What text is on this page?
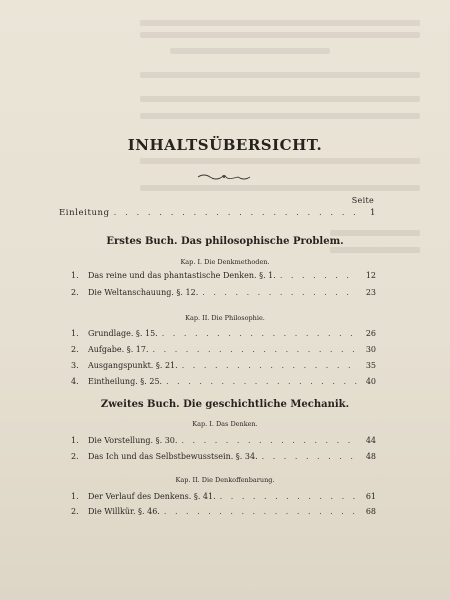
INHALTSÜBERSICHT.
Seite
Einleitung . . .	1
Erstes Buch. Das philosophische Problem.
Kap. I. Die Denkmethoden.
1.	Das reine und das phantastische Denken. §. 1. . . .	12
2.	Die Weltanschauung. §. 12. . . .	23
Kap. II. Die Philosophie.
1.	Grundlage. §. 15. . . .	26
2.	Aufgabe. §. 17. . . .	30
3.	Ausgangspunkt. §. 21. . . .	35
4.	Eintheilung. §. 25. . . .	40
Zweites Buch. Die geschichtliche Mechanik.
Kap. I. Das Denken.
1.	Die Vorstellung. §. 30. . . .	44
2.	Das Ich und das Selbstbewusstsein. §. 34. . . .	48
Kap. II. Die Denkoffenbarung.
1.	Der Verlauf des Denkens. §. 41. . . .	61
2.	Die Willkür. §. 46. . . .	68
